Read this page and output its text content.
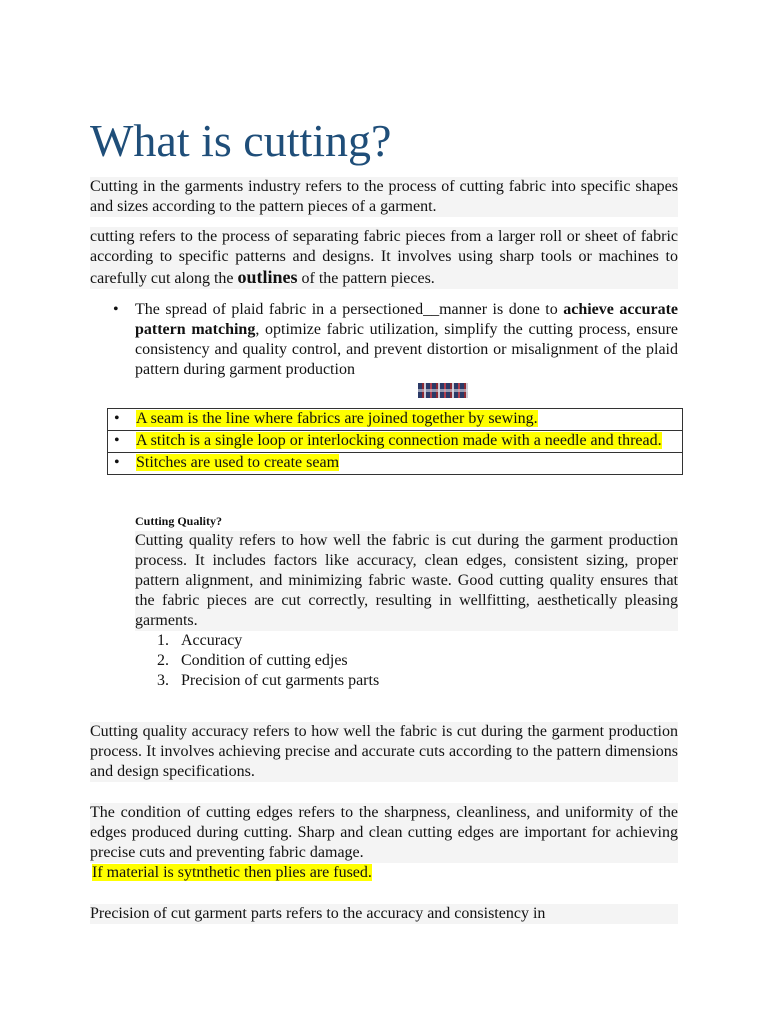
What is cutting?

Cutting in the garments industry refers to the process of cutting fabric into specific shapes and sizes according to the pattern pieces of a garment.

cutting refers to the process of separating fabric pieces from a larger roll or sheet of fabric according to specific patterns and designs. It involves using sharp tools or machines to carefully cut along the outlines of the pattern pieces.

• The spread of plaid fabric in a persectioned__manner is done to achieve accurate pattern matching, optimize fabric utilization, simplify the cutting process, ensure consistency and quality control, and prevent distortion or misalignment of the plaid pattern during garment production
• A seam is the line where fabrics are joined together by sewing.

• A stitch is a single loop or interlocking connection made with a needle and thread.

• Stitches are used to create seam
Cutting Quality?
Cutting quality refers to how well the fabric is cut during the garment production process. It includes factors like accuracy, clean edges, consistent sizing, proper pattern alignment, and minimizing fabric waste. Good cutting quality ensures that the fabric pieces are cut correctly, resulting in wellfitting, aesthetically pleasing garments.
1. Accuracy
2. Condition of cutting edjes
3. Precision of cut garments parts

Cutting quality accuracy refers to how well the fabric is cut during the garment production process. It involves achieving precise and accurate cuts according to the pattern dimensions and design specifications.

The condition of cutting edges refers to the sharpness, cleanliness, and uniformity of the edges produced during cutting. Sharp and clean cutting edges are important for achieving precise cuts and preventing fabric damage.

If material is sytnthetic then plies are fused.

Precision of cut garment parts refers to the accuracy and consistency in
